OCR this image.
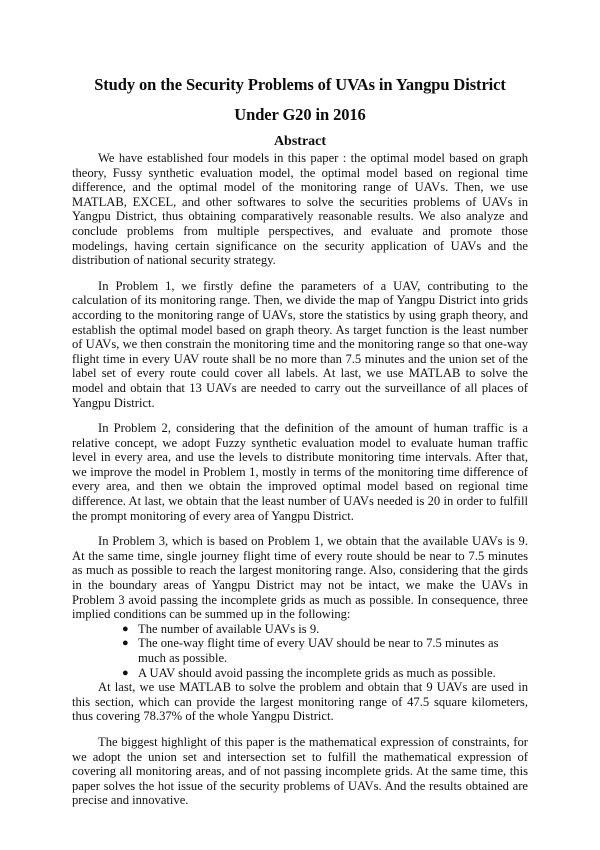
Study on the Security Problems of UVAs in Yangpu District
Under G20 in 2016
Abstract

We have established four models in this paper : the optimal model based on graph theory, Fussy synthetic evaluation model, the optimal model based on regional time difference, and the optimal model of the monitoring range of UAVs. Then, we use MATLAB, EXCEL, and other softwares to solve the securities problems of UAVs in Yangpu District, thus obtaining comparatively reasonable results. We also analyze and conclude problems from multiple perspectives, and evaluate and promote those modelings, having certain significance on the security application of UAVs and the distribution of national security strategy.

In Problem 1, we firstly define the parameters of a UAV, contributing to the calculation of its monitoring range. Then, we divide the map of Yangpu District into grids according to the monitoring range of UAVs, store the statistics by using graph theory, and establish the optimal model based on graph theory. As target function is the least number of UAVs, we then constrain the monitoring time and the monitoring range so that one-way flight time in every UAV route shall be no more than 7.5 minutes and the union set of the label set of every route could cover all labels. At last, we use MATLAB to solve the model and obtain that 13 UAVs are needed to carry out the surveillance of all places of Yangpu District.

In Problem 2, considering that the definition of the amount of human traffic is a relative concept, we adopt Fuzzy synthetic evaluation model to evaluate human traffic level in every area, and use the levels to distribute monitoring time intervals. After that, we improve the model in Problem 1, mostly in terms of the monitoring time difference of every area, and then we obtain the improved optimal model based on regional time difference. At last, we obtain that the least number of UAVs needed is 20 in order to fulfill the prompt monitoring of every area of Yangpu District.

In Problem 3, which is based on Problem 1, we obtain that the available UAVs is 9. At the same time, single journey flight time of every route should be near to 7.5 minutes as much as possible to reach the largest monitoring range. Also, considering that the girds in the boundary areas of Yangpu District may not be intact, we make the UAVs in Problem 3 avoid passing the incomplete grids as much as possible. In consequence, three implied conditions can be summed up in the following:

● The number of available UAVs is 9.
● The one-way flight time of every UAV should be near to 7.5 minutes as much as possible.
● A UAV should avoid passing the incomplete grids as much as possible.

At last, we use MATLAB to solve the problem and obtain that 9 UAVs are used in this section, which can provide the largest monitoring range of 47.5 square kilometers, thus covering 78.37% of the whole Yangpu District.

The biggest highlight of this paper is the mathematical expression of constraints, for we adopt the union set and intersection set to fulfill the mathematical expression of covering all monitoring areas, and of not passing incomplete grids. At the same time, this paper solves the hot issue of the security problems of UAVs. And the results obtained are precise and innovative.
